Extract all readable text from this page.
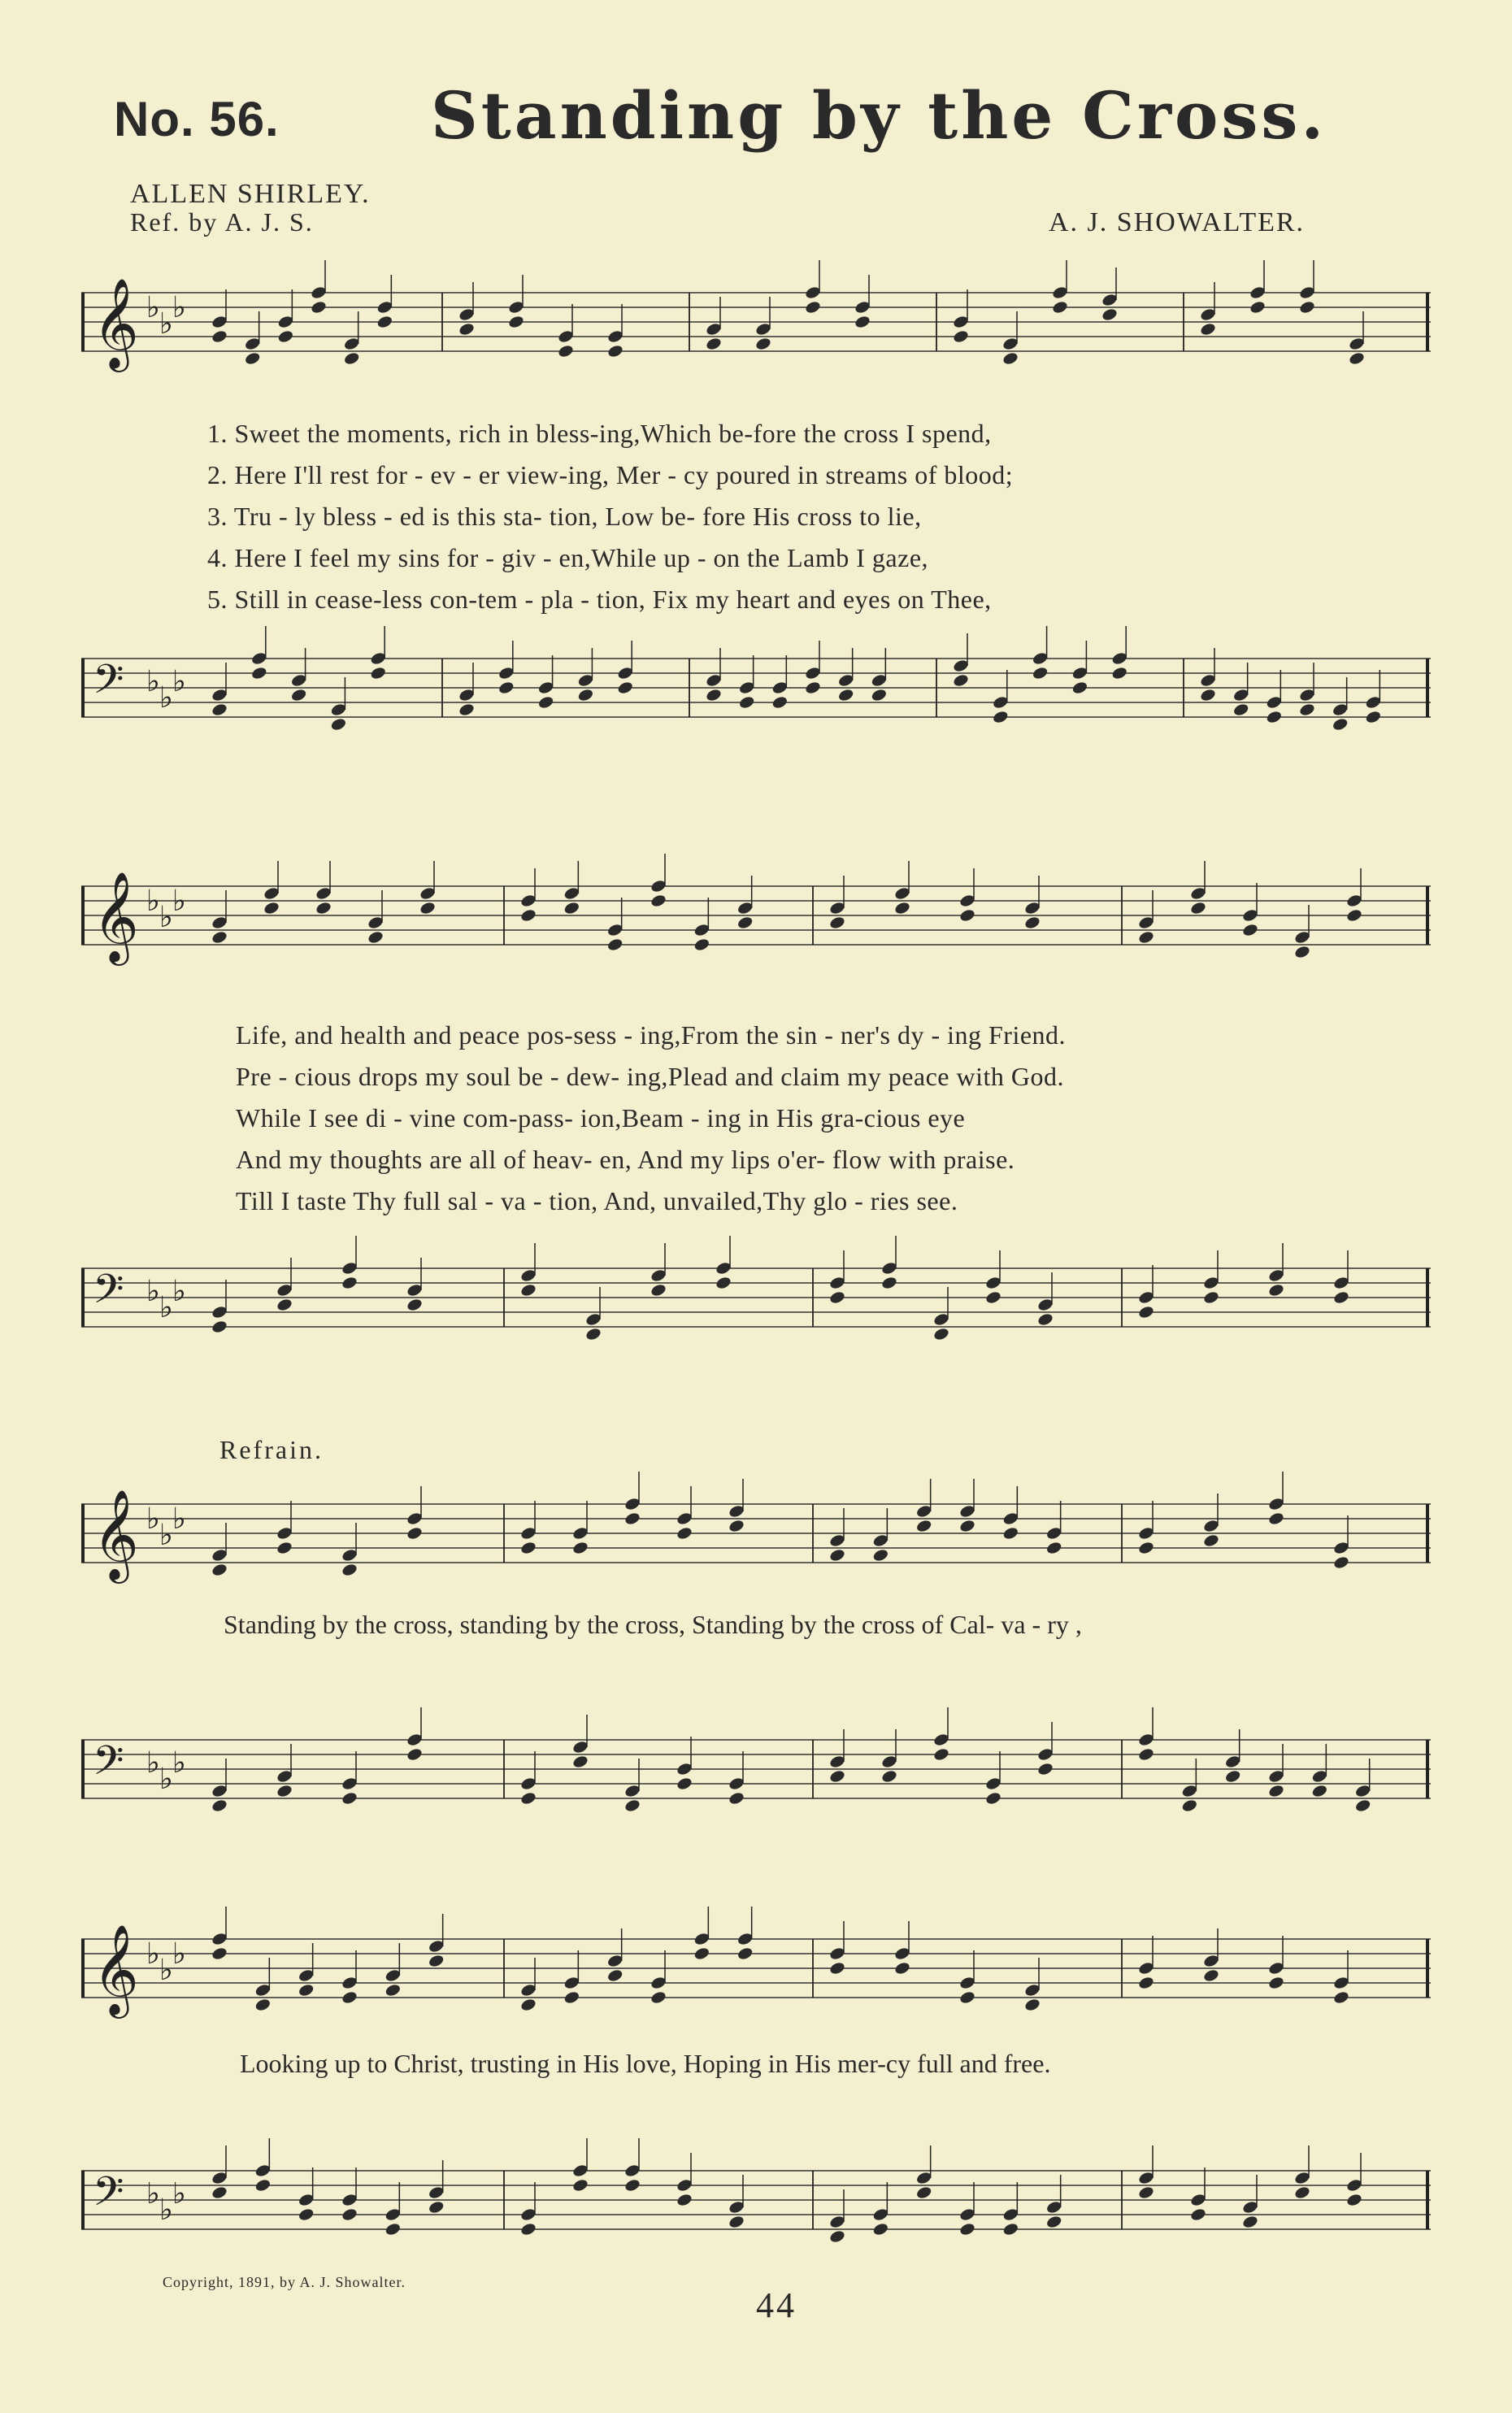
No. 56. Standing by the Cross.
ALLEN SHIRLEY.
Ref. by A. J. S.	A. J. SHOWALTER.
𝄞 ♭ ♭ ♭
𝄢 ♭ ♭ ♭
1. Sweet the moments, rich in bless-ing,Which be-fore the cross I spend,
2. Here I'll rest for - ev - er view-ing, Mer - cy poured in streams of blood;
3. Tru - ly bless - ed is this sta- tion, Low be- fore His cross to lie,
4. Here I feel my sins for - giv - en,While up - on the Lamb I gaze,
5. Still in cease-less con-tem - pla - tion, Fix my heart and eyes on Thee,
𝄞 ♭ ♭ ♭
𝄢 ♭ ♭ ♭
Life, and health and peace pos-sess - ing,From the sin - ner's dy - ing Friend.
Pre - cious drops my soul be - dew- ing,Plead and claim my peace with God.
While I see di - vine com-pass- ion,Beam - ing in His gra-cious eye
And my thoughts are all of heav- en, And my lips o'er- flow with praise.
Till I taste Thy full sal - va - tion, And, unvailed,Thy glo - ries see.
Refrain.
𝄞 ♭ ♭ ♭
𝄢 ♭ ♭ ♭
Standing by the cross, standing by the cross, Standing by the cross of Cal- va - ry ,
𝄞 ♭ ♭ ♭
𝄢 ♭ ♭ ♭
Looking up to Christ, trusting in His love, Hoping in His mer-cy full and free.
Copyright, 1891, by A. J. Showalter.
44
